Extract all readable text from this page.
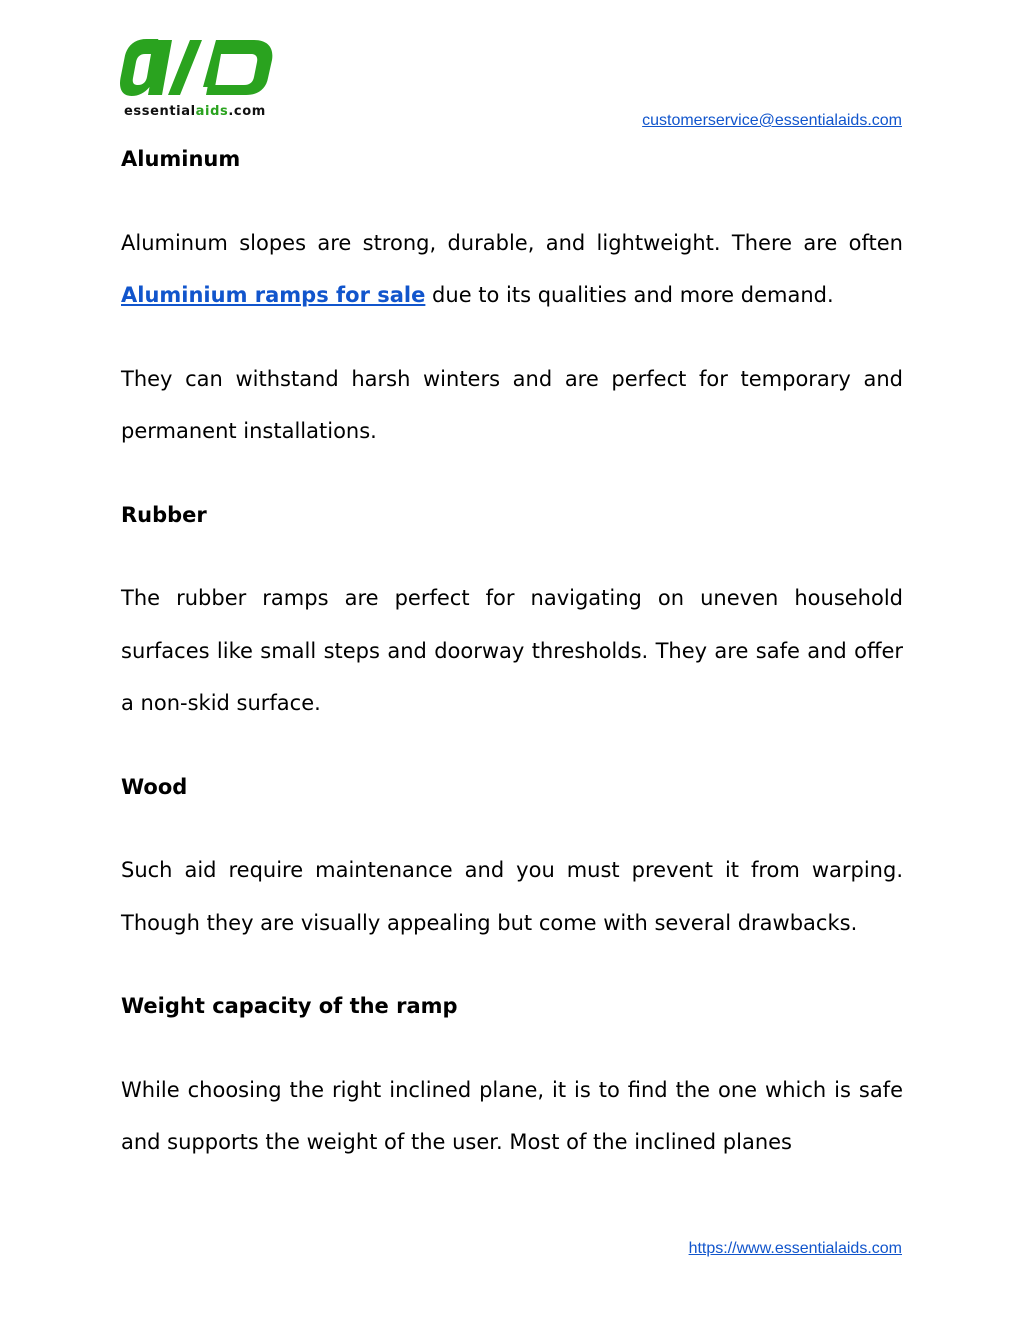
essentialaids.com
customerservice@essentialaids.com
Aluminum

Aluminum slopes are strong, durable, and lightweight. There are often Aluminium ramps for sale due to its qualities and more demand.

They can withstand harsh winters and are perfect for temporary and permanent installations.

Rubber

The rubber ramps are perfect for navigating on uneven household surfaces like small steps and doorway thresholds. They are safe and offer a non-skid surface.

Wood

Such aid require maintenance and you must prevent it from warping. Though they are visually appealing but come with several drawbacks.

Weight capacity of the ramp

While choosing the right inclined plane, it is to find the one which is safe and supports the weight of the user. Most of the inclined planes

https://www.essentialaids.com
